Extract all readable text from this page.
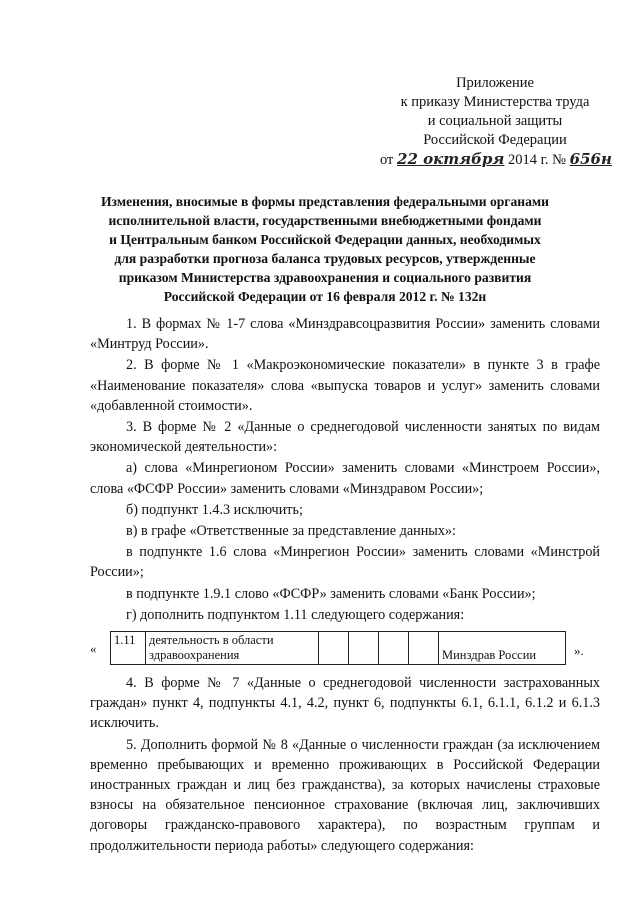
Приложение
к приказу Министерства труда
и социальной защиты
Российской Федерации
от 22 октября 2014 г. № 656н
Изменения, вносимые в формы представления федеральными органами
исполнительной власти, государственными внебюджетными фондами
и Центральным банком Российской Федерации данных, необходимых
для разработки прогноза баланса трудовых ресурсов, утвержденные
приказом Министерства здравоохранения и социального развития
Российской Федерации от 16 февраля 2012 г. № 132н

1. В формах № 1-7 слова «Минздравсоцразвития России» заменить словами «Минтруд России».

2. В форме № 1 «Макроэкономические показатели» в пункте 3 в графе «Наименование показателя» слова «выпуска товаров и услуг» заменить словами «добавленной стоимости».

3. В форме № 2 «Данные о среднегодовой численности занятых по видам экономической деятельности»:

а) слова «Минрегионом России» заменить словами «Минстроем России», слова «ФСФР России» заменить словами «Минздравом России»;

б) подпункт 1.4.3 исключить;

в) в графе «Ответственные за представление данных»:

в подпункте 1.6 слова «Минрегион России» заменить словами «Минстрой России»;

в подпункте 1.9.1 слово «ФСФР» заменить словами «Банк России»;

г) дополнить подпунктом 1.11 следующего содержания:

«
1.11	деятельность в области здравоохранения					Минздрав России	».

4. В форме № 7 «Данные о среднегодовой численности застрахованных граждан» пункт 4, подпункты 4.1, 4.2, пункт 6, подпункты 6.1, 6.1.1, 6.1.2 и 6.1.3 исключить.

5. Дополнить формой № 8 «Данные о численности граждан (за исключением временно пребывающих и временно проживающих в Российской Федерации иностранных граждан и лиц без гражданства), за которых начислены страховые взносы на обязательное пенсионное страхование (включая лиц, заключивших договоры гражданско-правового характера), по возрастным группам и продолжительности периода работы» следующего содержания:
